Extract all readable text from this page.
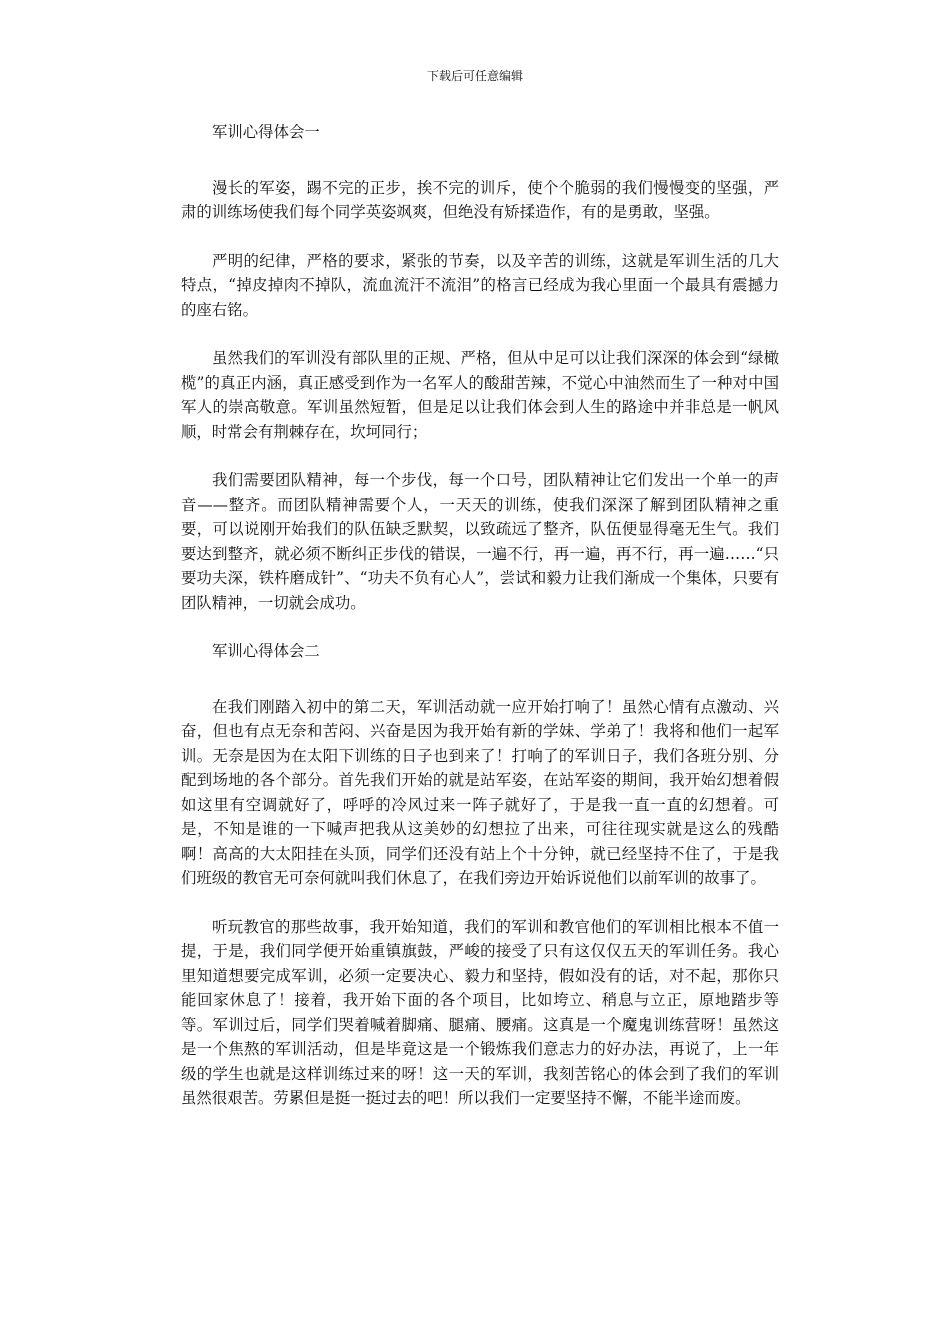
下载后可任意编辑

军训心得体会一

漫长的军姿，踢不完的正步，挨不完的训斥，使个个脆弱的我们慢慢变的坚强，严肃的训练场使我们每个同学英姿飒爽，但绝没有矫揉造作，有的是勇敢，坚强。

严明的纪律，严格的要求，紧张的节奏，以及辛苦的训练，这就是军训生活的几大特点，“掉皮掉肉不掉队，流血流汗不流泪”的格言已经成为我心里面一个最具有震撼力的座右铭。

虽然我们的军训没有部队里的正规、严格，但从中足可以让我们深深的体会到“绿橄榄”的真正内涵，真正感受到作为一名军人的酸甜苦辣，不觉心中油然而生了一种对中国军人的崇高敬意。军训虽然短暂，但是足以让我们体会到人生的路途中并非总是一帆风顺，时常会有荆棘存在，坎坷同行；

我们需要团队精神，每一个步伐，每一个口号，团队精神让它们发出一个单一的声音——整齐。而团队精神需要个人，一天天的训练，使我们深深了解到团队精神之重要，可以说刚开始我们的队伍缺乏默契，以致疏远了整齐，队伍便显得毫无生气。我们要达到整齐，就必须不断纠正步伐的错误，一遍不行，再一遍，再不行，再一遍……“只要功夫深，铁杵磨成针”、“功夫不负有心人”，尝试和毅力让我们渐成一个集体，只要有团队精神，一切就会成功。

军训心得体会二

在我们刚踏入初中的第二天，军训活动就一应开始打响了！虽然心情有点激动、兴奋，但也有点无奈和苦闷、兴奋是因为我开始有新的学妹、学弟了！我将和他们一起军训。无奈是因为在太阳下训练的日子也到来了！打响了的军训日子，我们各班分别、分配到场地的各个部分。首先我们开始的就是站军姿，在站军姿的期间，我开始幻想着假如这里有空调就好了，呼呼的冷风过来一阵子就好了，于是我一直一直的幻想着。可是，不知是谁的一下喊声把我从这美妙的幻想拉了出来，可往往现实就是这么的残酷啊！高高的大太阳挂在头顶，同学们还没有站上个十分钟，就已经坚持不住了，于是我们班级的教官无可奈何就叫我们休息了，在我们旁边开始诉说他们以前军训的故事了。

听玩教官的那些故事，我开始知道，我们的军训和教官他们的军训相比根本不值一提，于是，我们同学便开始重镇旗鼓，严峻的接受了只有这仅仅五天的军训任务。我心里知道想要完成军训，必须一定要决心、毅力和坚持，假如没有的话，对不起，那你只能回家休息了！接着，我开始下面的各个项目，比如垮立、稍息与立正，原地踏步等等。军训过后，同学们哭着喊着脚痛、腿痛、腰痛。这真是一个魔鬼训练营呀！虽然这是一个焦熬的军训活动，但是毕竟这是一个锻炼我们意志力的好办法，再说了，上一年级的学生也就是这样训练过来的呀！这一天的军训，我刻苦铭心的体会到了我们的军训虽然很艰苦。劳累但是挺一挺过去的吧！所以我们一定要坚持不懈，不能半途而废。
